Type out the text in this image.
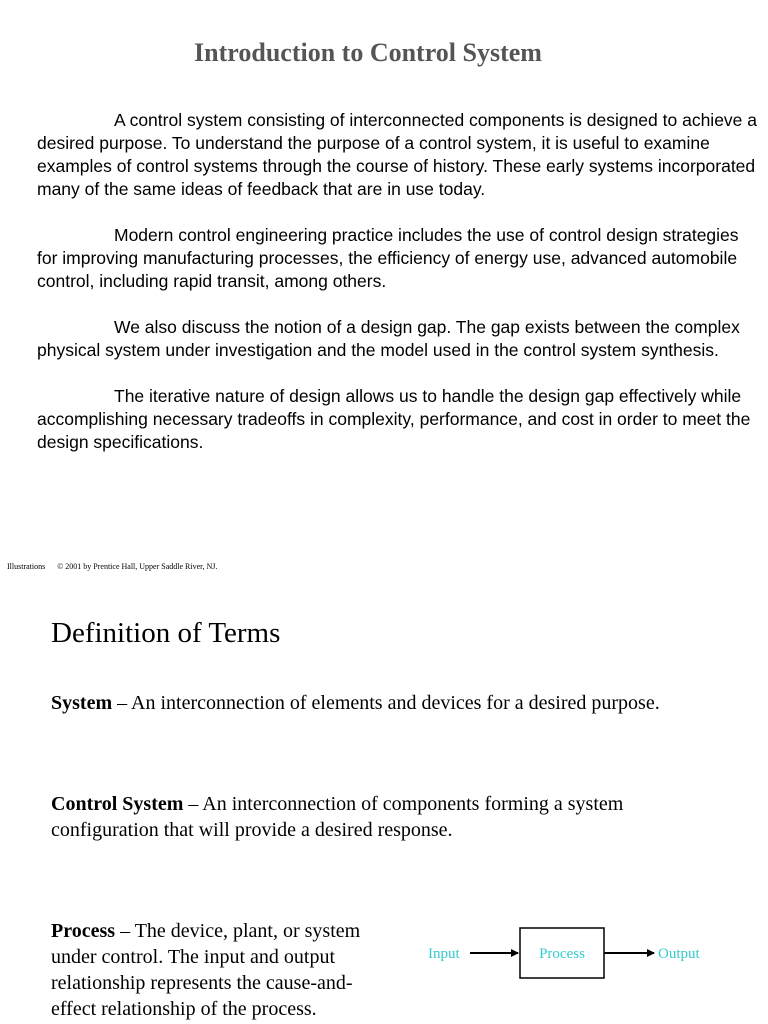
Introduction to Control System

A control system consisting of interconnected components is designed to achieve a desired purpose. To understand the purpose of a control system, it is useful to examine examples of control systems through the course of history. These early systems incorporated many of the same ideas of feedback that are in use today.

Modern control engineering practice includes the use of control design strategies for improving manufacturing processes, the efficiency of energy use, advanced automobile control, including rapid transit, among others.

We also discuss the notion of a design gap. The gap exists between the complex physical system under investigation and the model used in the control system synthesis.

The iterative nature of design allows us to handle the design gap effectively while accomplishing necessary tradeoffs in complexity, performance, and cost in order to meet the design specifications.

Illustrations © 2001 by Prentice Hall, Upper Saddle River, NJ.
Definition of Terms

System – An interconnection of elements and devices for a desired purpose.

Control System – An interconnection of components forming a system configuration that will provide a desired response.

Process – The device, plant, or system under control. The input and output relationship represents the cause-and-effect relationship of the process.

Input	Process	Output
